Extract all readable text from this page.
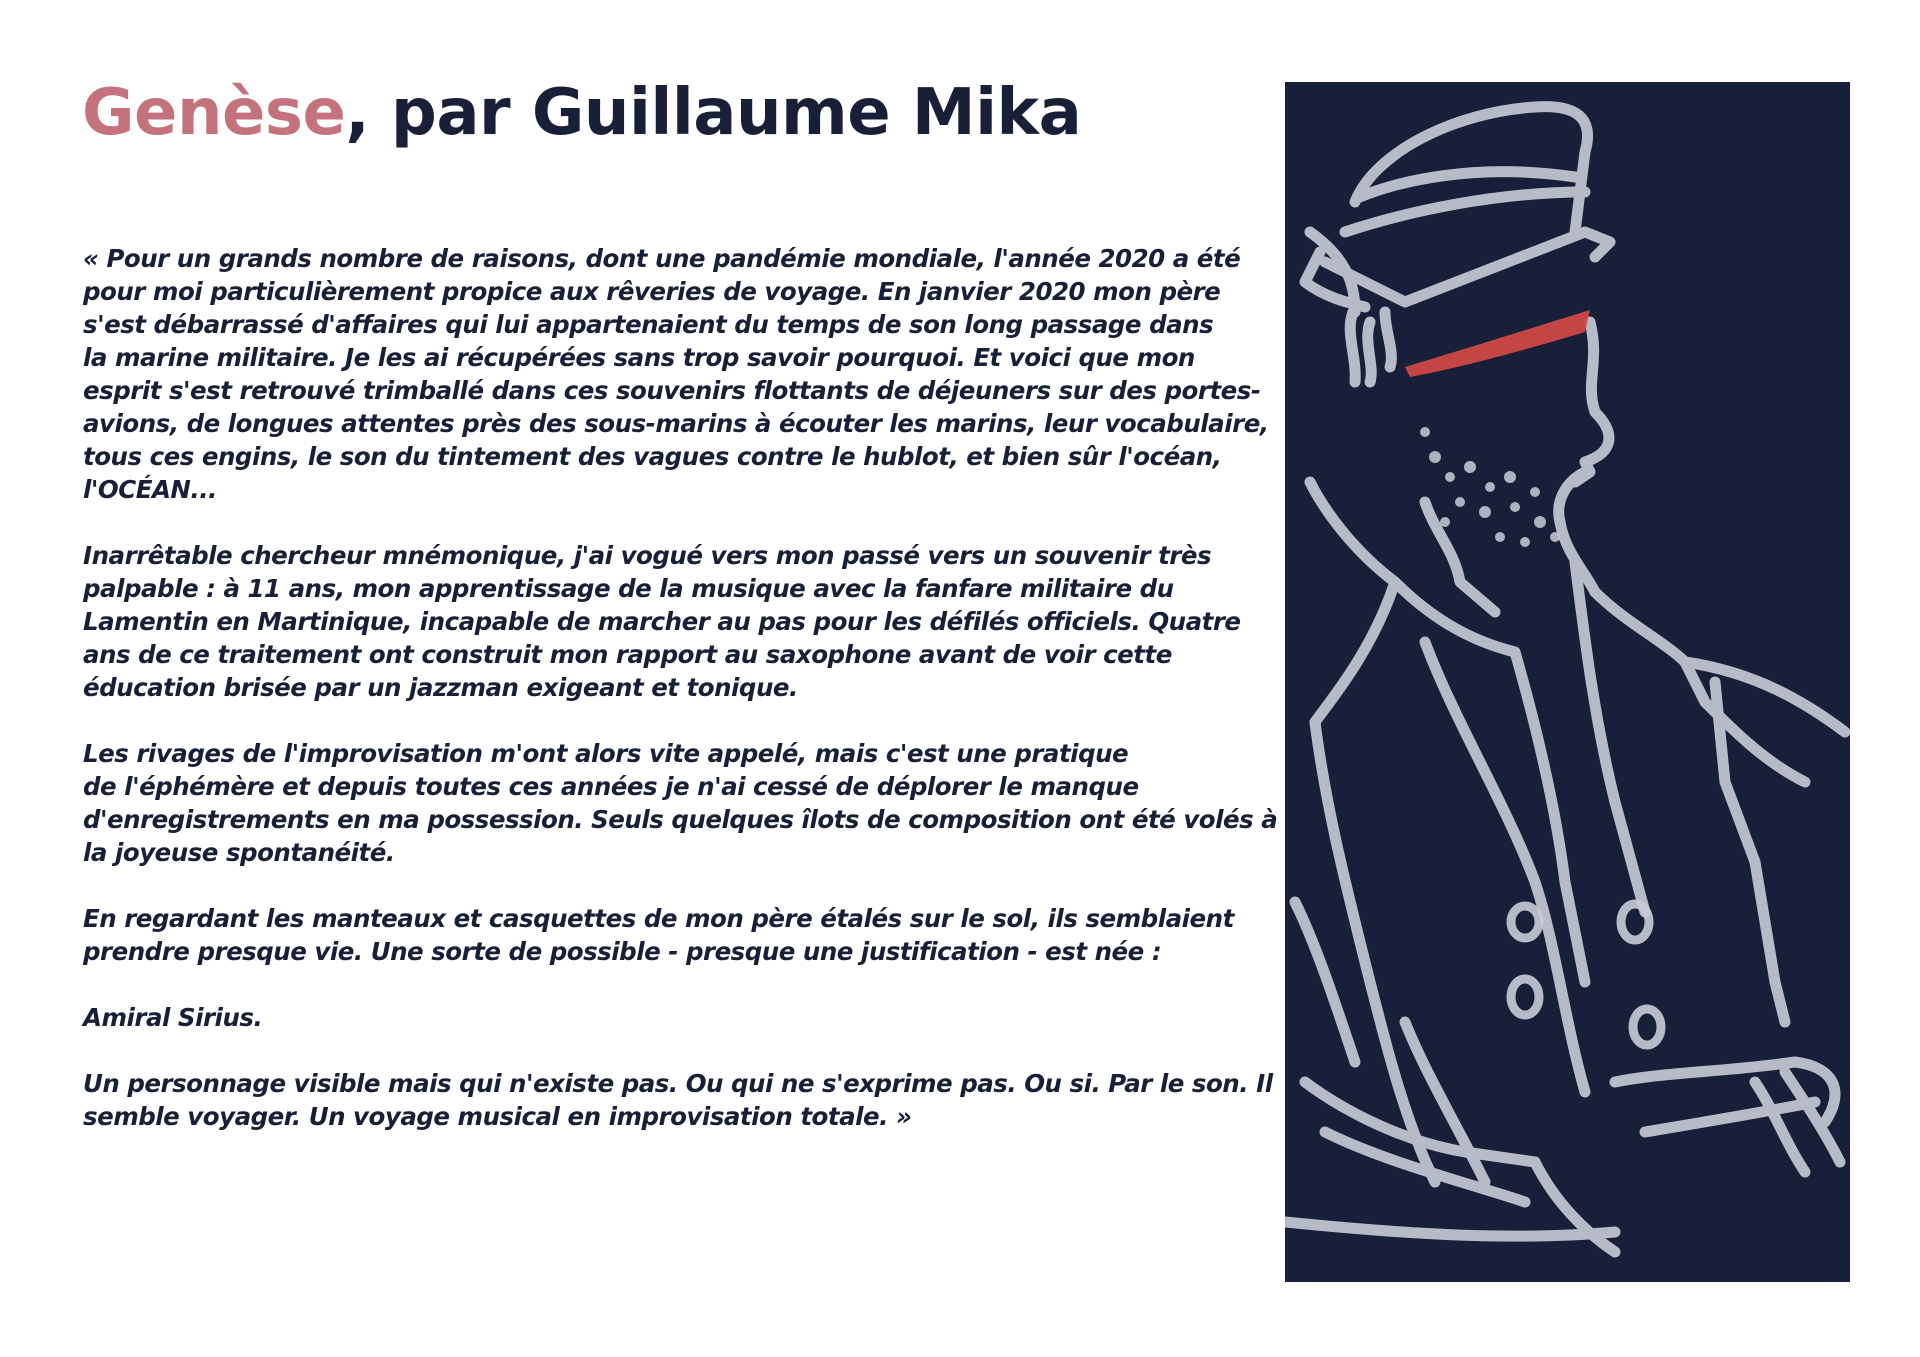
Genèse, par Guillaume Mika

« Pour un grands nombre de raisons, dont une pandémie mondiale, l'année 2020 a été
pour moi particulièrement propice aux rêveries de voyage. En janvier 2020 mon père
s'est débarrassé d'affaires qui lui appartenaient du temps de son long passage dans
la marine militaire. Je les ai récupérées sans trop savoir pourquoi. Et voici que mon
esprit s'est retrouvé trimballé dans ces souvenirs flottants de déjeuners sur des portes-
avions, de longues attentes près des sous-marins à écouter les marins, leur vocabulaire,
tous ces engins, le son du tintement des vagues contre le hublot, et bien sûr l'océan,
l'OCÉAN...

Inarrêtable chercheur mnémonique, j'ai vogué vers mon passé vers un souvenir très
palpable : à 11 ans, mon apprentissage de la musique avec la fanfare militaire du
Lamentin en Martinique, incapable de marcher au pas pour les défilés officiels. Quatre
ans de ce traitement ont construit mon rapport au saxophone avant de voir cette
éducation brisée par un jazzman exigeant et tonique.

Les rivages de l'improvisation m'ont alors vite appelé, mais c'est une pratique
de l'éphémère et depuis toutes ces années je n'ai cessé de déplorer le manque
d'enregistrements en ma possession. Seuls quelques îlots de composition ont été volés à
la joyeuse spontanéité.

En regardant les manteaux et casquettes de mon père étalés sur le sol, ils semblaient
prendre presque vie. Une sorte de possible - presque une justification - est née :

Amiral Sirius.

Un personnage visible mais qui n'existe pas. Ou qui ne s'exprime pas. Ou si. Par le son. Il
semble voyager. Un voyage musical en improvisation totale. »
